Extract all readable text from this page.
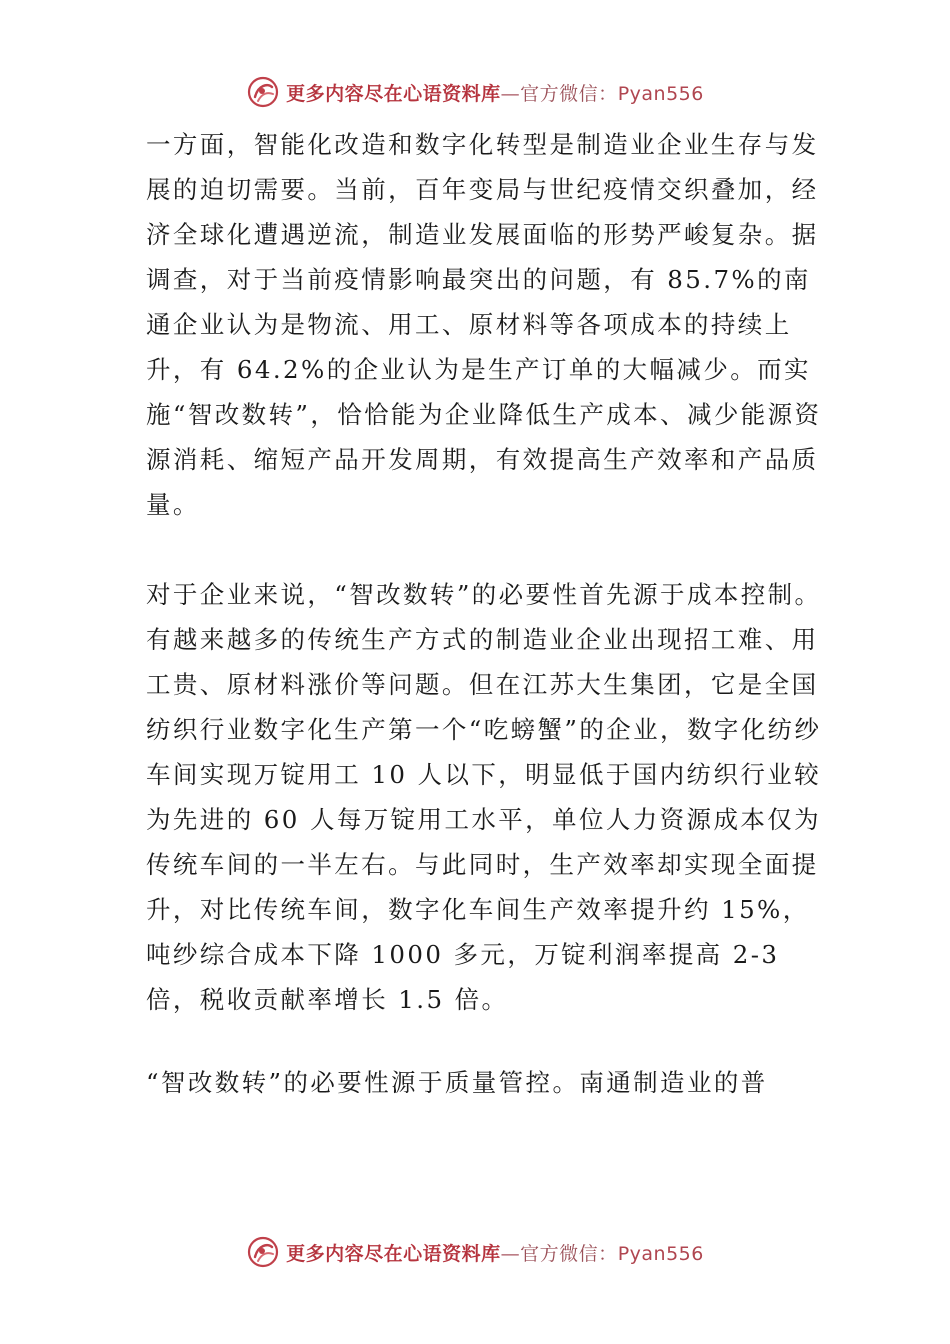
更多内容尽在心语资料库—官方微信：Pyan556

一方面，智能化改造和数字化转型是制造业企业生存与发展的迫切需要。当前，百年变局与世纪疫情交织叠加，经济全球化遭遇逆流，制造业发展面临的形势严峻复杂。据调查，对于当前疫情影响最突出的问题，有 85.7%的南通企业认为是物流、用工、原材料等各项成本的持续上升，有 64.2%的企业认为是生产订单的大幅减少。而实施“智改数转”，恰恰能为企业降低生产成本、减少能源资源消耗、缩短产品开发周期，有效提高生产效率和产品质量。

对于企业来说，“智改数转”的必要性首先源于成本控制。有越来越多的传统生产方式的制造业企业出现招工难、用工贵、原材料涨价等问题。但在江苏大生集团，它是全国纺织行业数字化生产第一个“吃螃蟹”的企业，数字化纺纱车间实现万锭用工 10 人以下，明显低于国内纺织行业较为先进的 60 人每万锭用工水平，单位人力资源成本仅为传统车间的一半左右。与此同时，生产效率却实现全面提升，对比传统车间，数字化车间生产效率提升约 15%，吨纱综合成本下降 1000 多元，万锭利润率提高 2-3 倍，税收贡献率增长 1.5 倍。

“智改数转”的必要性源于质量管控。南通制造业的普

更多内容尽在心语资料库—官方微信：Pyan556
